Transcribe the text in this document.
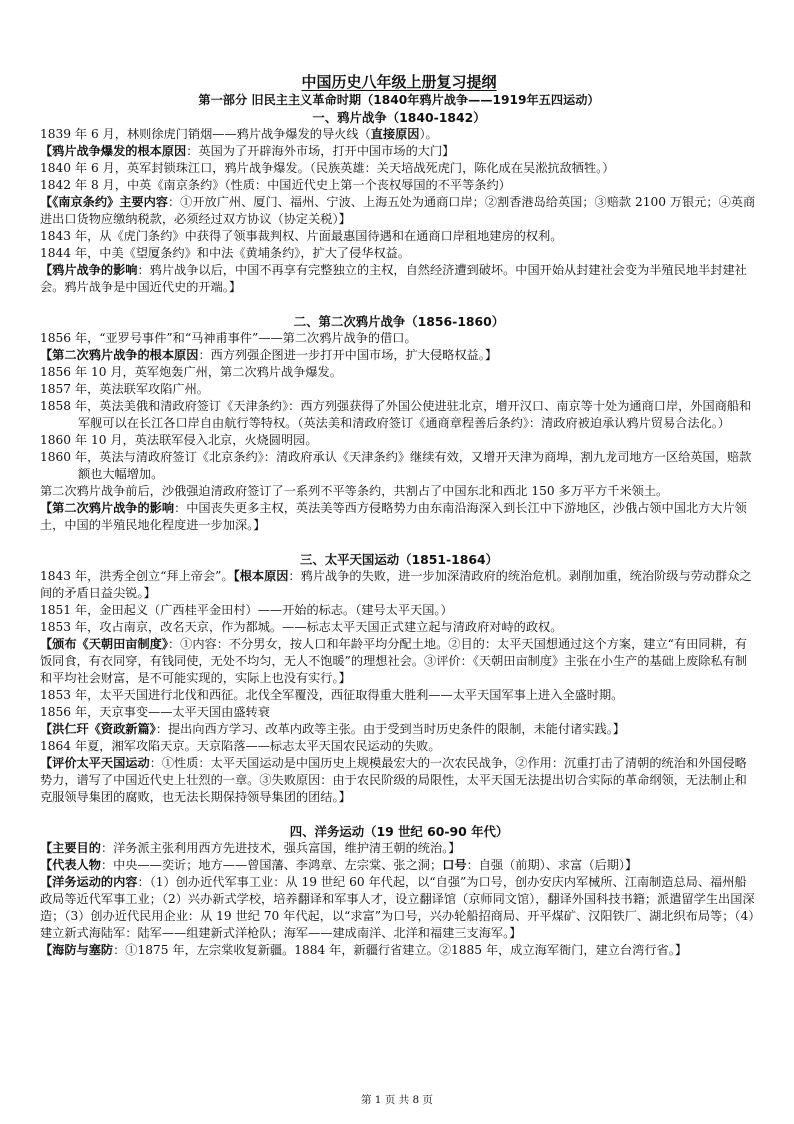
中国历史八年级上册复习提纲

第一部分 旧民主主义革命时期（1840年鸦片战争——1919年五四运动）

一、鸦片战争（1840-1842）

1839 年 6 月，林则徐虎门销烟——鸦片战争爆发的导火线（直接原因）。

【鸦片战争爆发的根本原因：英国为了开辟海外市场，打开中国市场的大门】

1840 年 6 月，英军封锁珠江口，鸦片战争爆发。（民族英雄：关天培战死虎门，陈化成在吴淞抗敌牺牲。）

1842 年 8 月，中英《南京条约》（性质：中国近代史上第一个丧权辱国的不平等条约）

【《南京条约》主要内容：①开放广州、厦门、福州、宁波、上海五处为通商口岸；②割香港岛给英国；③赔款 2100 万银元；④英商进出口货物应缴纳税款，必须经过双方协议（协定关税）】

1843 年，从《虎门条约》中获得了领事裁判权、片面最惠国待遇和在通商口岸租地建房的权利。

1844 年，中美《望厦条约》和中法《黄埔条约》，扩大了侵华权益。

【鸦片战争的影响：鸦片战争以后，中国不再享有完整独立的主权，自然经济遭到破坏。中国开始从封建社会变为半殖民地半封建社会。鸦片战争是中国近代史的开端。】

二、第二次鸦片战争（1856-1860）

1856 年，“亚罗号事件”和“马神甫事件”——第二次鸦片战争的借口。

【第二次鸦片战争的根本原因：西方列强企图进一步打开中国市场，扩大侵略权益。】

1856 年 10 月，英军炮轰广州，第二次鸦片战争爆发。

1857 年，英法联军攻陷广州。

1858 年，英法美俄和清政府签订《天津条约》：西方列强获得了外国公使进驻北京，增开汉口、南京等十处为通商口岸，外国商船和军舰可以在长江各口岸自由航行等特权。（英法美和清政府签订《通商章程善后条约》：清政府被迫承认鸦片贸易合法化。）

1860 年 10 月，英法联军侵入北京，火烧圆明园。

1860 年，英法与清政府签订《北京条约》：清政府承认《天津条约》继续有效，又增开天津为商埠，割九龙司地方一区给英国，赔款额也大幅增加。

第二次鸦片战争前后，沙俄强迫清政府签订了一系列不平等条约，共割占了中国东北和西北 150 多万平方千米领土。

【第二次鸦片战争的影响：中国丧失更多主权，英法美等西方侵略势力由东南沿海深入到长江中下游地区，沙俄占领中国北方大片领土，中国的半殖民地化程度进一步加深。】

三、太平天国运动（1851-1864）

1843 年，洪秀全创立“拜上帝会”。【根本原因：鸦片战争的失败，进一步加深清政府的统治危机。剥削加重，统治阶级与劳动群众之间的矛盾日益尖锐。】

1851 年，金田起义（广西桂平金田村）——开始的标志。（建号太平天国。）

1853 年，攻占南京，改名天京，作为都城。——标志太平天国正式建立起与清政府对峙的政权。

【颁布《天朝田亩制度》：①内容：不分男女，按人口和年龄平均分配土地。②目的：太平天国想通过这个方案，建立“有田同耕，有饭同食，有衣同穿，有钱同使，无处不均匀，无人不饱暖”的理想社会。③评价：《天朝田亩制度》主张在小生产的基础上废除私有制和平均社会财富，是不可能实现的，实际上也没有实行。】

1853 年，太平天国进行北伐和西征。北伐全军覆没，西征取得重大胜利——太平天国军事上进入全盛时期。

1856 年，天京事变——太平天国由盛转衰

【洪仁玕《资政新篇》：提出向西方学习、改革内政等主张。由于受到当时历史条件的限制，未能付诸实践。】

1864 年夏，湘军攻陷天京。天京陷落——标志太平天国农民运动的失败。

【评价太平天国运动：①性质：太平天国运动是中国历史上规模最宏大的一次农民战争，②作用：沉重打击了清朝的统治和外国侵略势力，谱写了中国近代史上壮烈的一章。③失败原因：由于农民阶级的局限性，太平天国无法提出切合实际的革命纲领，无法制止和克服领导集团的腐败，也无法长期保持领导集团的团结。】

四、洋务运动（19 世纪 60-90 年代）

【主要目的：洋务派主张利用西方先进技术，强兵富国，维护清王朝的统治。】

【代表人物：中央——奕䜣；地方——曾国藩、李鸿章、左宗棠、张之洞；口号：自强（前期）、求富（后期）】

【洋务运动的内容：（1）创办近代军事工业：从 19 世纪 60 年代起，以“自强”为口号，创办安庆内军械所、江南制造总局、福州船政局等近代军事工业；（2）兴办新式学校，培养翻译和军事人才，设立翻译馆（京师同文馆），翻译外国科技书籍；派遣留学生出国深造；（3）创办近代民用企业：从 19 世纪 70 年代起，以“求富”为口号，兴办轮船招商局、开平煤矿、汉阳铁厂、湖北织布局等；（4）建立新式海陆军：陆军——组建新式洋枪队；海军——建成南洋、北洋和福建三支海军。】

【海防与塞防：①1875 年，左宗棠收复新疆。1884 年，新疆行省建立。②1885 年，成立海军衙门，建立台湾行省。】

第 1 页 共 8 页
